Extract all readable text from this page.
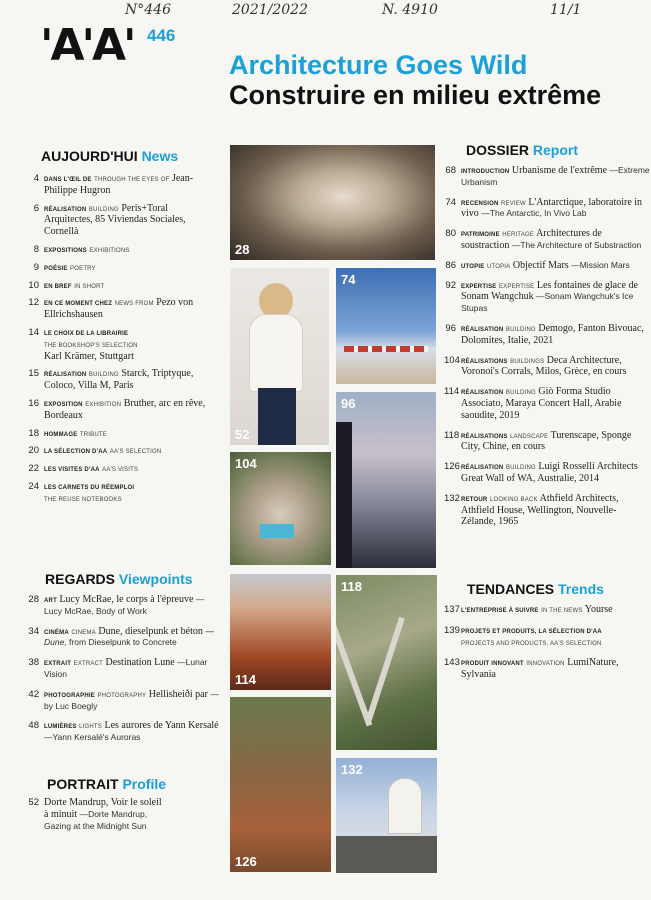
N°446	2021/2022	N. 4910	11/1
'A'A' 446
Architecture Goes Wild
Construire en milieu extrême
AUJOURD'HUI News
4 DANS L'ŒIL DE THROUGH THE EYES OF Jean-Philippe Hugron
6 RÉALISATION BUILDING Peris+Toral Arquitectes, 85 Viviendas Sociales, Cornellà
8 EXPOSITIONS EXHIBITIONS
9 POÉSIE POETRY
10 EN BREF IN SHORT
12 EN CE MOMENT CHEZ NEWS FROM Pezo von Ellrichshausen
14 LE CHOIX DE LA LIBRAIRIE
THE BOOKSHOP'S SELECTION
Karl Krämer, Stuttgart
15 RÉALISATION BUILDING Starck, Triptyque, Coloco, Villa M, Paris
16 EXPOSITION EXHIBITION Bruther, arc en rêve, Bordeaux
18 HOMMAGE TRIBUTE
20 LA SÉLECTION D'AA AA'S SELECTION
22 LES VISITES D'AA AA'S VISITS
24 LES CARNETS DU RÉEMPLOI
THE REUSE NOTEBOOKS
REGARDS Viewpoints
28 ART Lucy McRae, le corps à l'épreuve —Lucy McRae, Body of Work
34 CINÉMA CINEMA Dune, dieselpunk et béton —Dune, from Dieselpunk to Concrete
38 EXTRAIT EXTRACT Destination Lune —Lunar Vision
42 PHOTOGRAPHIE PHOTOGRAPHY Hellisheiði par —by Luc Boegly
48 LUMIÈRES LIGHTS Les aurores de Yann Kersalé —Yann Kersalé's Auroras
PORTRAIT Profile
52 Dorte Mandrup, Voir le soleil à minuit —Dorte Mandrup, Gazing at the Midnight Sun
DOSSIER Report
68 INTRODUCTION Urbanisme de l'extrême —Extreme Urbanism
74 RECENSION REVIEW L'Antarctique, laboratoire in vivo —The Antarctic, In Vivo Lab
80 PATRIMOINE HERITAGE Architectures de soustraction —The Architecture of Substraction
86 UTOPIE UTOPIA Objectif Mars —Mission Mars
92 EXPERTISE EXPERTISE Les fontaines de glace de Sonam Wangchuk —Sonam Wangchuk's Ice Stupas
96 RÉALISATION BUILDING Demogo, Fanton Bivouac, Dolomites, Italie, 2021
104 RÉALISATIONS BUILDINGS Deca Architecture, Voronoi's Corrals, Milos, Grèce, en cours
114 RÉALISATION BUILDING Giò Forma Studio Associato, Maraya Concert Hall, Arabie saoudite, 2019
118 RÉALISATIONS LANDSCAPE Turenscape, Sponge City, Chine, en cours
126 RÉALISATION BUILDING Luigi Rosselli Architects Great Wall of WA, Australie, 2014
132 RETOUR LOOKING BACK Athfield Architects, Athfield House, Wellington, Nouvelle-Zélande, 1965
TENDANCES Trends
137 L'ENTREPRISE À SUIVRE IN THE NEWS Yourse
139 PROJETS ET PRODUITS, LA SÉLECTION D'AA
PROJECTS AND PRODUCTS, AA'S SELECTION
143 PRODUIT INNOVANT INNOVATION LumiNature, Sylvania
28
74
52
96
104
114
118
126
132
